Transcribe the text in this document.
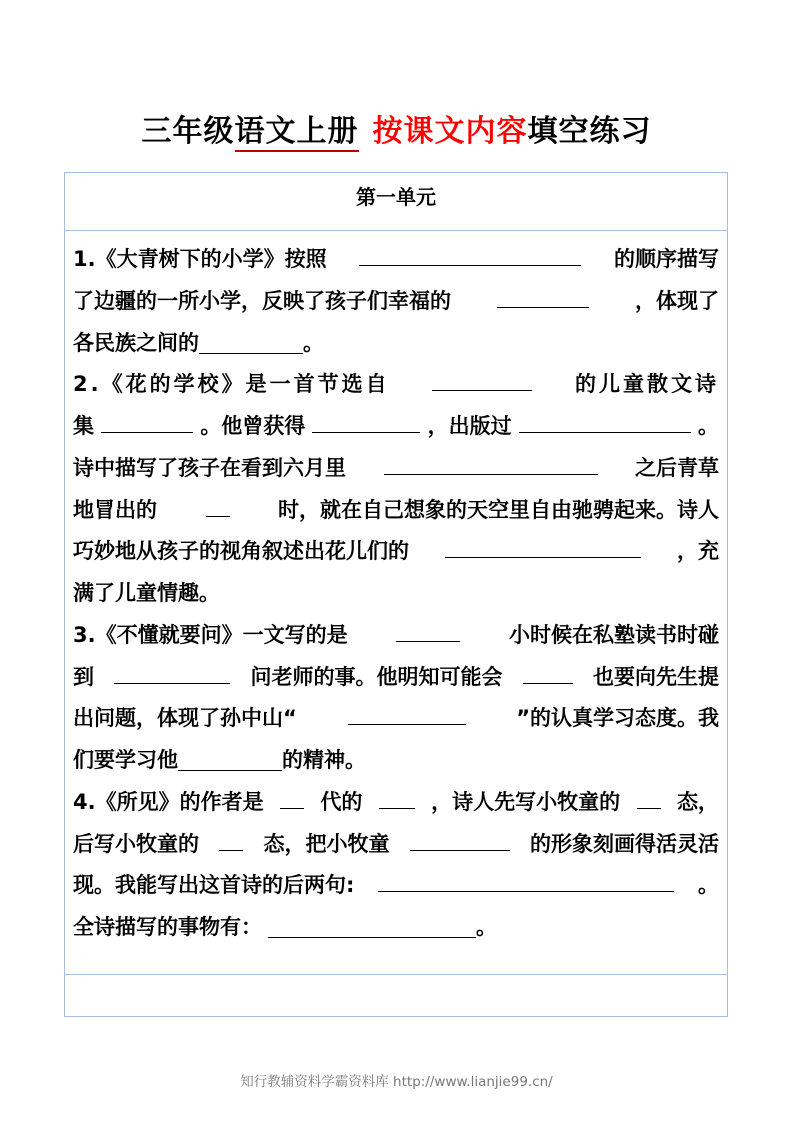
三年级语文上册 按课文内容填空练习
第一单元
1.《大青树下的小学》按照	的顺序描写
了边疆的一所小学，反映了孩子们幸福的	，体现了
各民族之间的	。
2.《花的学校》是一首节选自	的儿童散文诗
集	。他曾获得	，出版过	。
诗中描写了孩子在看到六月里	之后青草
地冒出的	时，就在自己想象的天空里自由驰骋起来。诗人
巧妙地从孩子的视角叙述出花儿们的	，充
满了儿童情趣。
3.《不懂就要问》一文写的是	小时候在私塾读书时碰
到	问老师的事。他明知可能会	也要向先生提
出问题，体现了孙中山“	”的认真学习态度。我
们要学习他	的精神。
4.《所见》的作者是	代的	，诗人先写小牧童的	态，
后写小牧童的	态，把小牧童	的形象刻画得活灵活
现。我能写出这首诗的后两句:	。
全诗描写的事物有：	。
知行教辅资料学霸资料库 http://www.lianjie99.cn/
